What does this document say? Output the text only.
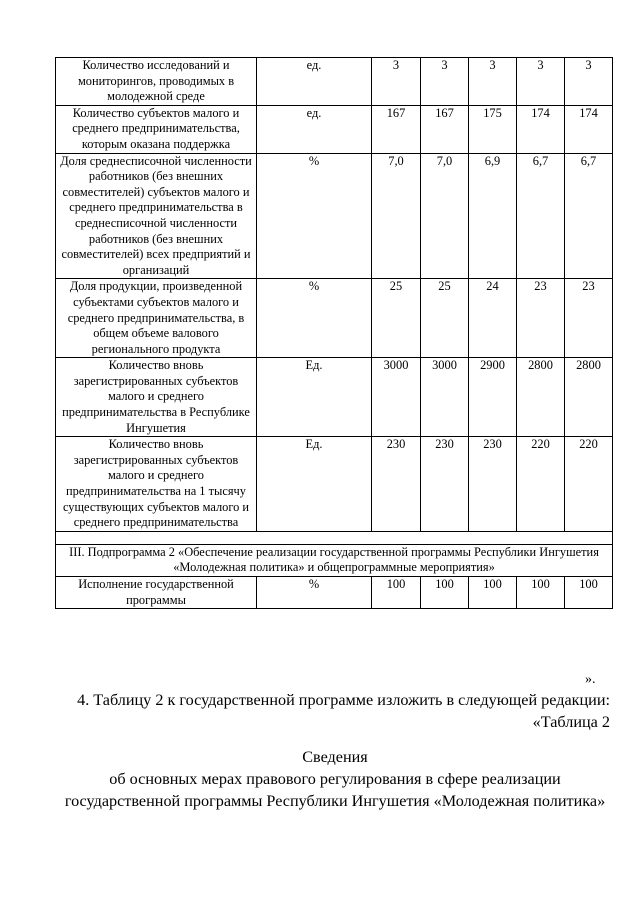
Количество исследований и мониторингов, проводимых в молодежной среде	ед.	3	3	3	3	3
Количество субъектов малого и среднего предпринимательства, которым оказана поддержка	ед.	167	167	175	174	174
Доля среднесписочной численности работников (без внешних совместителей) субъектов малого и среднего предпринимательства в среднесписочной численности работников (без внешних совместителей) всех предприятий и организаций	%	7,0	7,0	6,9	6,7	6,7
Доля продукции, произведенной субъектами субъектов малого и среднего предпринимательства, в общем объеме валового регионального продукта	%	25	25	24	23	23
Количество вновь зарегистрированных субъектов малого и среднего предпринимательства в Республике Ингушетия	Ед.	3000	3000	2900	2800	2800
Количество вновь зарегистрированных субъектов малого и среднего предпринимательства на 1 тысячу существующих субъектов малого и среднего предпринимательства	Ед.	230	230	230	220	220

III. Подпрограмма 2 «Обеспечение реализации государственной программы Республики Ингушетия «Молодежная политика» и общепрограммные мероприятия»						
Исполнение государственной программы	%	100	100	100	100	100
».
4. Таблицу 2 к государственной программе изложить в следующей редакции:
«Таблица 2
Сведения
об основных мерах правового регулирования в сфере реализации
государственной программы Республики Ингушетия «Молодежная политика»
